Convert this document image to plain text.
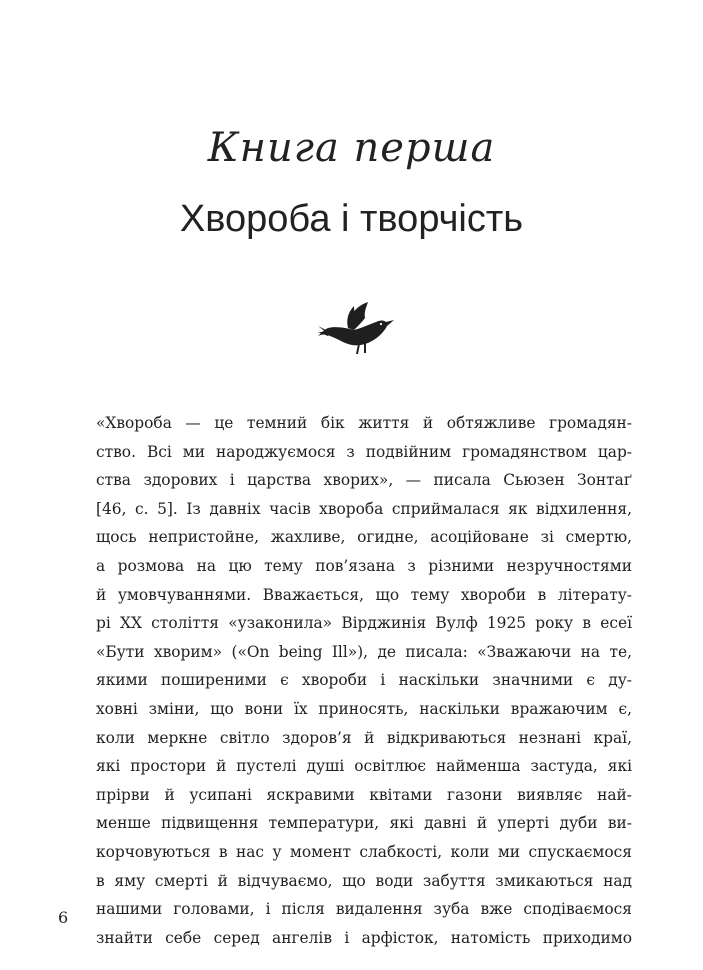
Книга перша
Хвороба і творчість
«Хвороба — це темний бік життя й обтяжливе громадян-
ство. Всі ми народжуємося з подвійним громадянством цар-
ства здорових і царства хворих», — писала Сьюзен Зонтаґ
[46, с. 5]. Із давніх часів хвороба сприймалася як відхилення,
щось непристойне, жахливе, огидне, асоційоване зі смертю,
а розмова на цю тему пов’язана з різними незручностями
й умовчуваннями. Вважається, що тему хвороби в літерату-
рі XX століття «узаконила» Вірджинія Вулф 1925 року в есеї
«Бути хворим» («On being Ill»), де писала: «Зважаючи на те,
якими поширеними є хвороби і наскільки значними є ду-
ховні зміни, що вони їх приносять, наскільки вражаючим є,
коли меркне світло здоров’я й відкриваються незнані краї,
які простори й пустелі душі освітлює найменша застуда, які
прірви й усипані яскравими квітами газони виявляє най-
менше підвищення температури, які давні й уперті дуби ви-
корчовуються в нас у момент слабкості, коли ми спускаємося
в яму смерті й відчуваємо, що води забуття змикаються над
нашими головами, і після видалення зуба вже сподіваємося
знайти себе серед ангелів і арфісток, натомість приходимо
6
